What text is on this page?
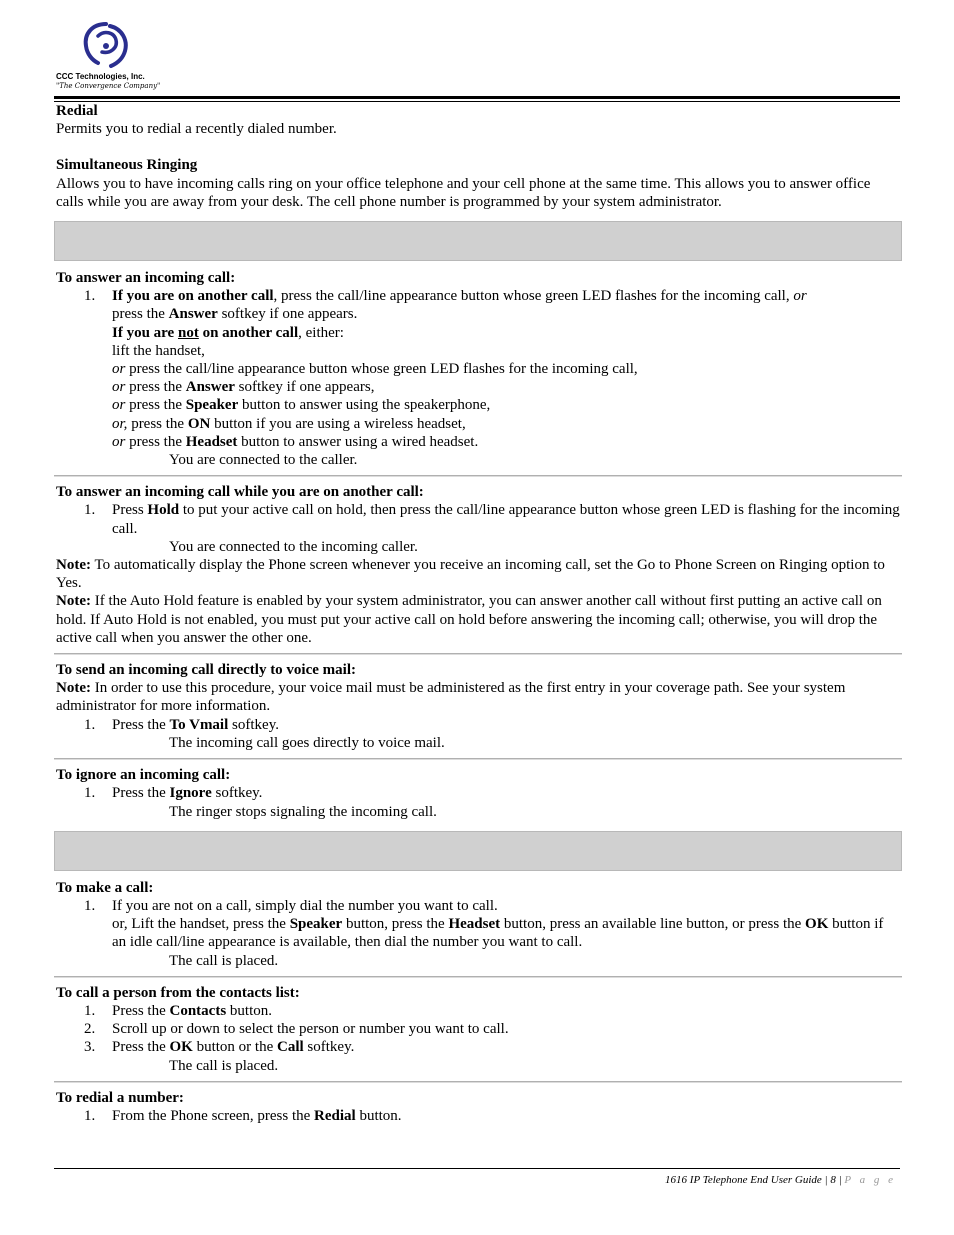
CCC Technologies, Inc.
"The Convergence Company"

Redial

Permits you to redial a recently dialed number.

Simultaneous Ringing

Allows you to have incoming calls ring on your office telephone and your cell phone at the same time. This allows you to answer office calls while you are away from your desk. The cell phone number is programmed by your system administrator.

To answer an incoming call:

1. If you are on another call, press the call/line appearance button whose green LED flashes for the incoming call, or
press the Answer softkey if one appears.
If you are not on another call, either:
lift the handset,
or press the call/line appearance button whose green LED flashes for the incoming call,
or press the Answer softkey if one appears,
or press the Speaker button to answer using the speakerphone,
or, press the ON button if you are using a wireless headset,
or press the Headset button to answer using a wired headset.

You are connected to the caller.

To answer an incoming call while you are on another call:

1. Press Hold to put your active call on hold, then press the call/line appearance button whose green LED is flashing for the incoming call.

You are connected to the incoming caller.

Note: To automatically display the Phone screen whenever you receive an incoming call, set the Go to Phone Screen on Ringing option to Yes.

Note: If the Auto Hold feature is enabled by your system administrator, you can answer another call without first putting an active call on hold. If Auto Hold is not enabled, you must put your active call on hold before answering the incoming call; otherwise, you will drop the active call when you answer the other one.

To send an incoming call directly to voice mail:

Note: In order to use this procedure, your voice mail must be administered as the first entry in your coverage path. See your system administrator for more information.

1. Press the To Vmail softkey.

The incoming call goes directly to voice mail.

To ignore an incoming call:

1. Press the Ignore softkey.

The ringer stops signaling the incoming call.

To make a call:

1. If you are not on a call, simply dial the number you want to call.
or, Lift the handset, press the Speaker button, press the Headset button, press an available line button, or press the OK button if an idle call/line appearance is available, then dial the number you want to call.

The call is placed.

To call a person from the contacts list:

1. Press the Contacts button.
2. Scroll up or down to select the person or number you want to call.
3. Press the OK button or the Call softkey.

The call is placed.

To redial a number:

1. From the Phone screen, press the Redial button.
1616 IP Telephone End User Guide | 8 | P a g e
